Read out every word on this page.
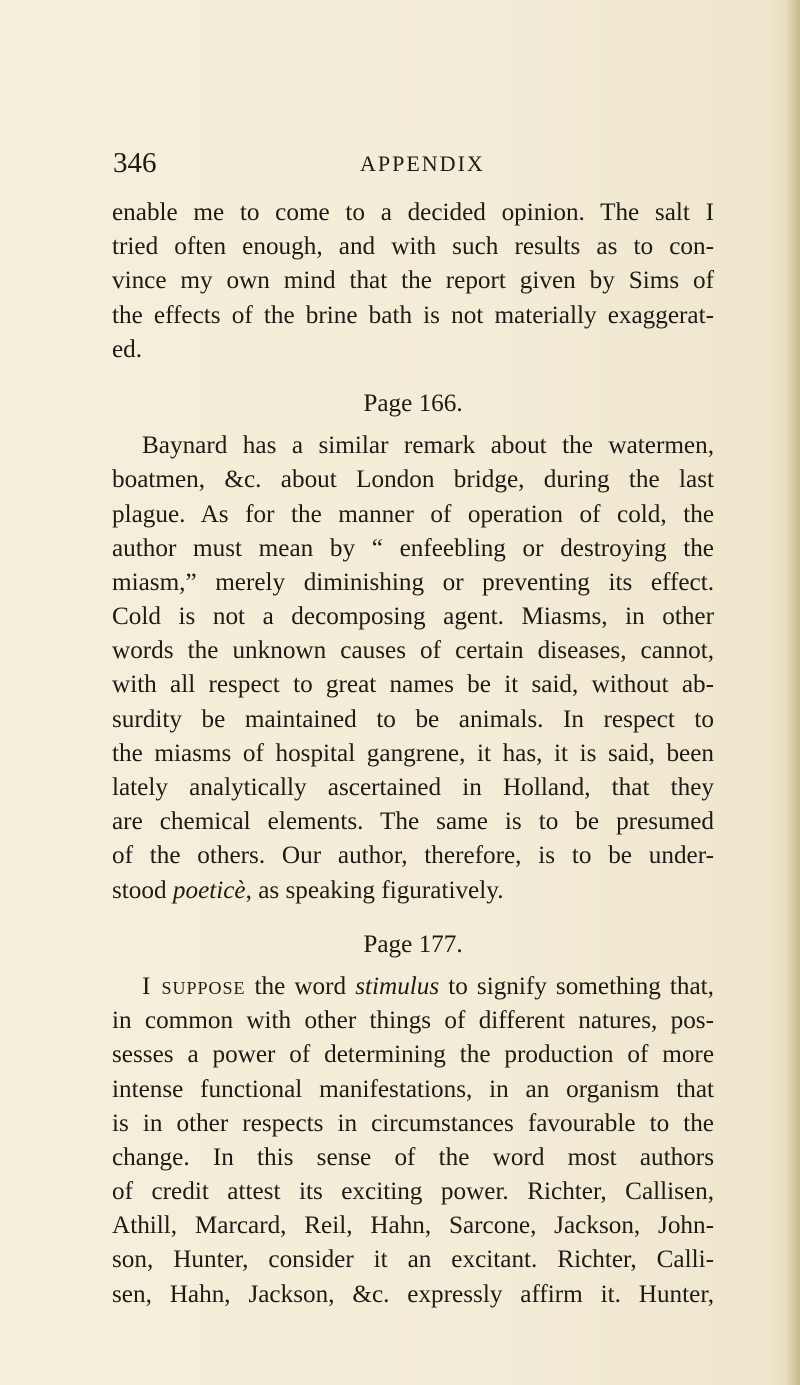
346	APPENDIX
enable me to come to a decided opinion. The salt I
tried often enough, and with such results as to con-
vince my own mind that the report given by Sims of
the effects of the brine bath is not materially exaggerat-
ed.
Page 166.
Baynard has a similar remark about the watermen,
boatmen, &c. about London bridge, during the last
plague. As for the manner of operation of cold, the
author must mean by “ enfeebling or destroying the
miasm,” merely diminishing or preventing its effect.
Cold is not a decomposing agent. Miasms, in other
words the unknown causes of certain diseases, cannot,
with all respect to great names be it said, without ab-
surdity be maintained to be animals. In respect to
the miasms of hospital gangrene, it has, it is said, been
lately analytically ascertained in Holland, that they
are chemical elements. The same is to be presumed
of the others. Our author, therefore, is to be under-
stood poeticè, as speaking figuratively.
Page 177.
I suppose the word stimulus to signify something that,
in common with other things of different natures, pos-
sesses a power of determining the production of more
intense functional manifestations, in an organism that
is in other respects in circumstances favourable to the
change. In this sense of the word most authors
of credit attest its exciting power. Richter, Callisen,
Athill, Marcard, Reil, Hahn, Sarcone, Jackson, John-
son, Hunter, consider it an excitant. Richter, Calli-
sen, Hahn, Jackson, &c. expressly affirm it. Hunter,
